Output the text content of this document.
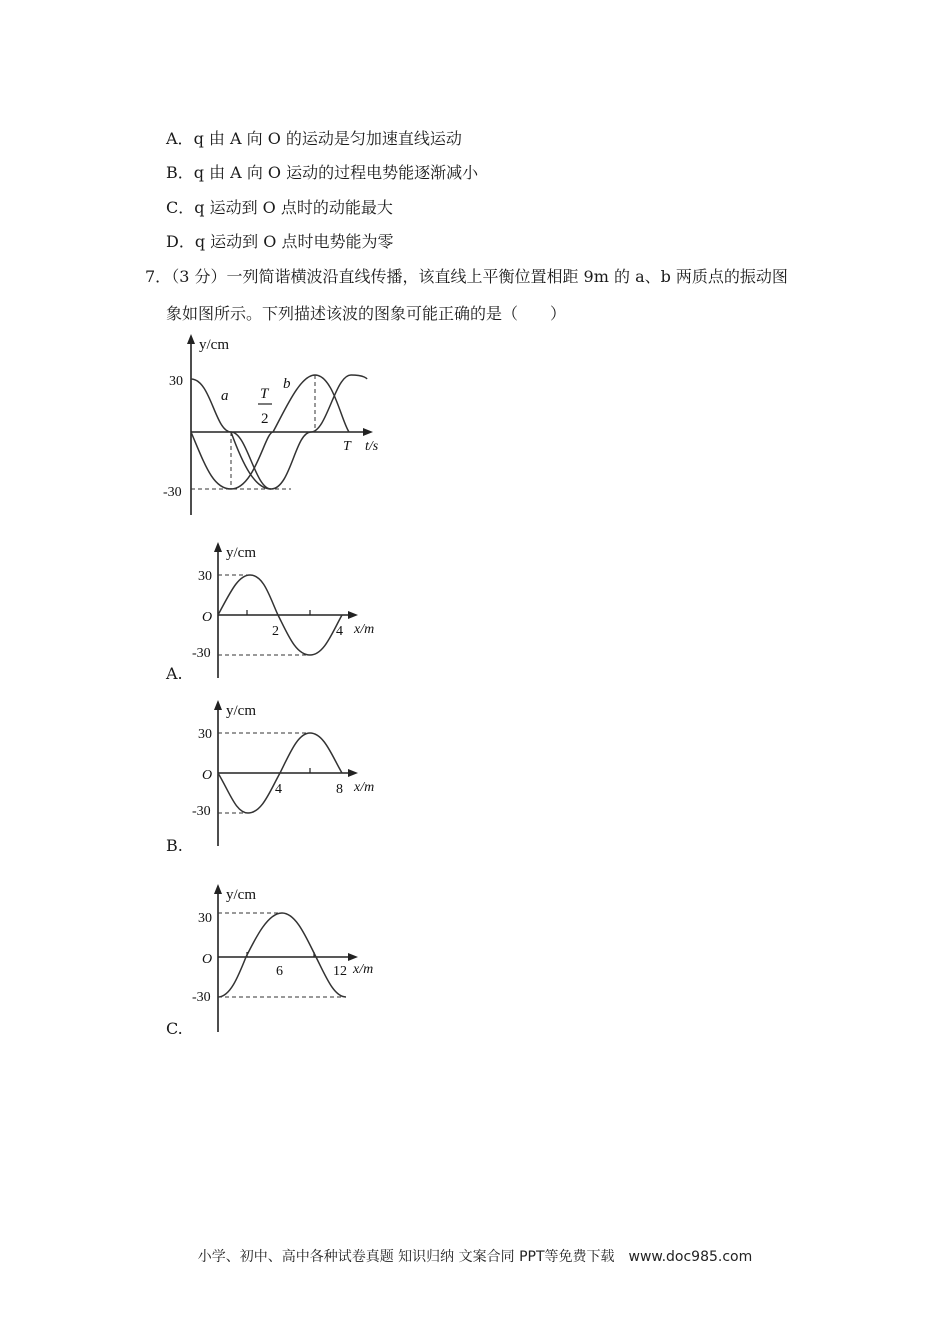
A．q 由 A 向 O 的运动是匀加速直线运动
B．q 由 A 向 O 运动的过程电势能逐渐减小
C．q 运动到 O 点时的动能最大
D．q 运动到 O 点时电势能为零
7．（3 分）一列简谐横波沿直线传播，该直线上平衡位置相距 9m 的 a、b 两质点的振动图
象如图所示。下列描述该波的图象可能正确的是（　　）
y/cm
30
-30
t/s
T
T
2
a
b
y/cm
30
O
-30
2	4 x/m
A.
y/cm
30
O
-30
4	8 x/m
B.
y/cm
30
O
-30
6	12 x/m
C.
小学、初中、高中各种试卷真题 知识归纳 文案合同 PPT等免费下载　www.doc985.com
